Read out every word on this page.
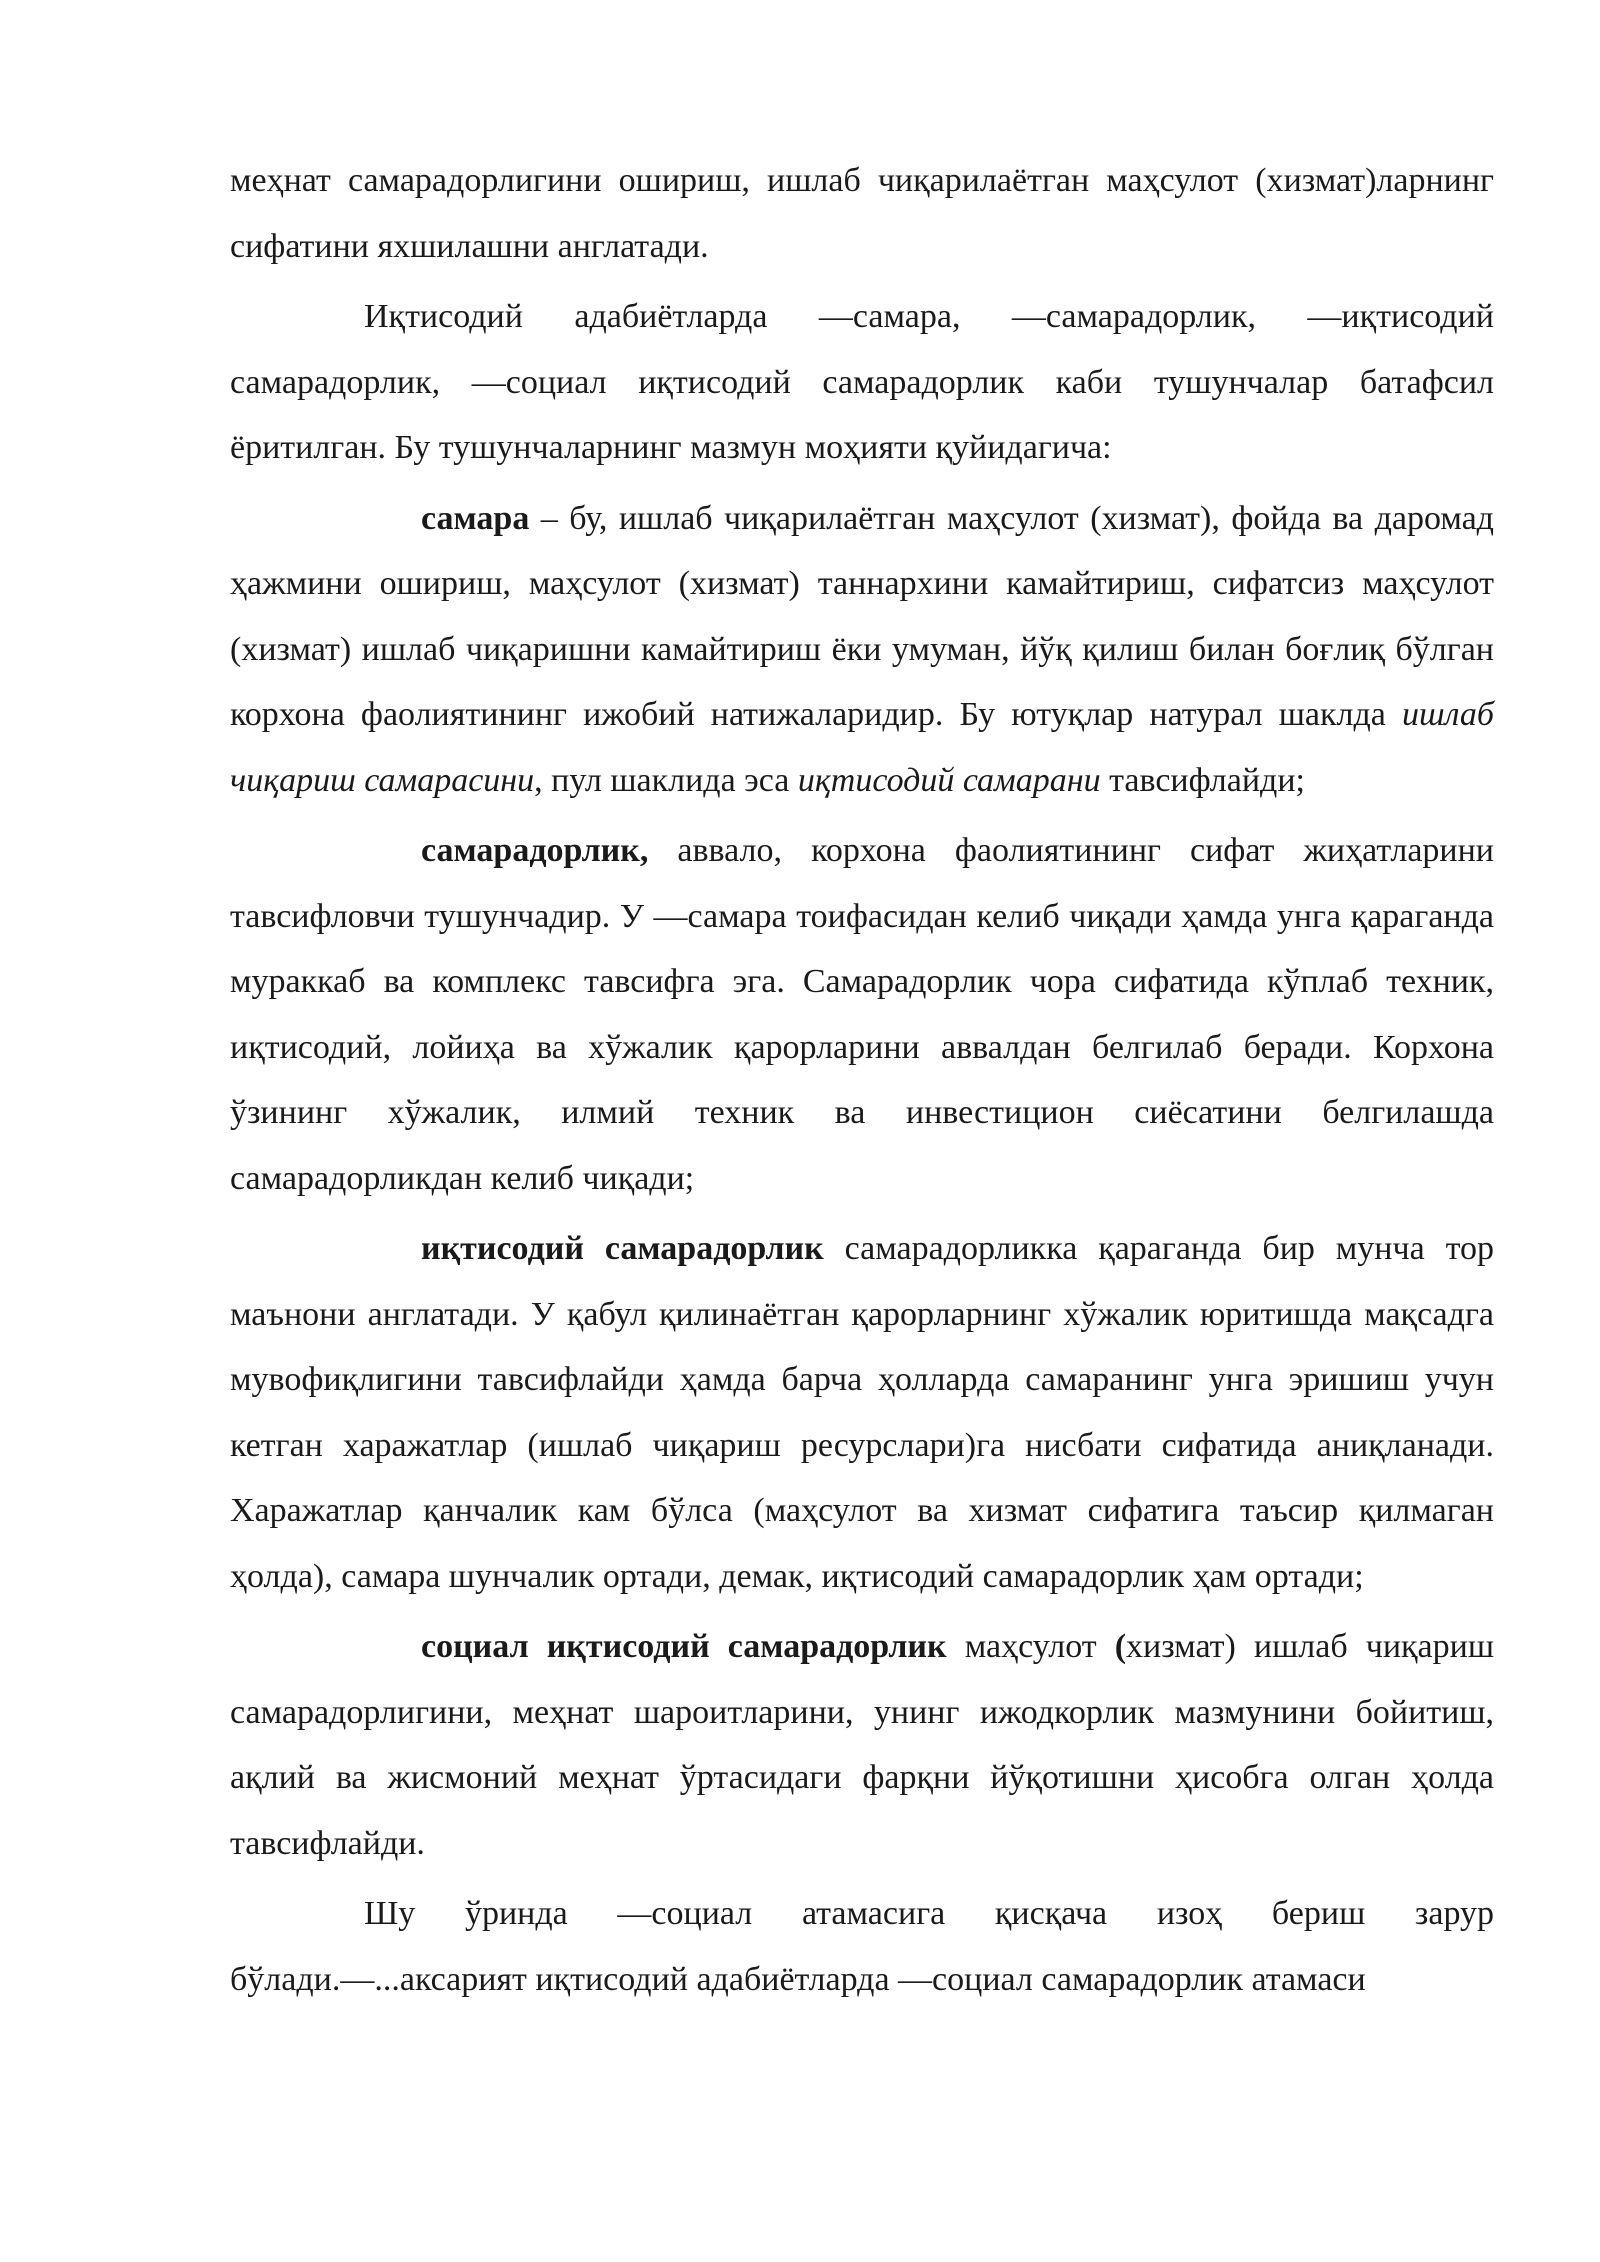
меҳнат самарадорлигини ошириш, ишлаб чиқарилаётган маҳсулот (хизмат)ларнинг сифатини яхшилашни англатади.

Иқтисодий адабиётларда ―самара, ―самарадорлик, ―иқтисодий самарадорлик, ―социал иқтисодий самарадорлик каби тушунчалар батафсил ёритилган. Бу тушунчаларнинг мазмун моҳияти қуйидагича:

самара – бу, ишлаб чиқарилаётган маҳсулот (хизмат), фойда ва даромад ҳажмини ошириш, маҳсулот (хизмат) таннархини камайтириш, сифатсиз маҳсулот (хизмат) ишлаб чиқаришни камайтириш ёки умуман, йўқ қилиш билан боғлиқ бўлган корхона фаолиятининг ижобий натижаларидир. Бу ютуқлар натурал шаклда ишлаб чиқариш самарасини, пул шаклида эса иқтисодий самарани тавсифлайди;

самарадорлик, аввало, корхона фаолиятининг сифат жиҳатларини тавсифловчи тушунчадир. У ―самара тоифасидан келиб чиқади ҳамда унга қараганда мураккаб ва комплекс тавсифга эга. Самарадорлик чора сифатида кўплаб техник, иқтисодий, лойиҳа ва хўжалик қарорларини аввалдан белгилаб беради. Корхона ўзининг хўжалик, илмий техник ва инвестицион сиёсатини белгилашда самарадорликдан келиб чиқади;

иқтисодий самарадорлик самарадорликка қараганда бир мунча тор маънони англатади. У қабул қилинаётган қарорларнинг хўжалик юритишда мақсадга мувофиқлигини тавсифлайди ҳамда барча ҳолларда самаранинг унга эришиш учун кетган харажатлар (ишлаб чиқариш ресурслари)га нисбати сифатида аниқланади. Харажатлар қанчалик кам бўлса (маҳсулот ва хизмат сифатига таъсир қилмаган ҳолда), самара шунчалик ортади, демак, иқтисодий самарадорлик ҳам ортади;

социал иқтисодий самарадорлик маҳсулот (хизмат) ишлаб чиқариш самарадорлигини, меҳнат шароитларини, унинг ижодкорлик мазмунини бойитиш, ақлий ва жисмоний меҳнат ўртасидаги фарқни йўқотишни ҳисобга олган ҳолда тавсифлайди.

Шу ўринда ―социал атамасига қисқача изоҳ бериш зарур бўлади.―...аксарият иқтисодий адабиётларда ―социал самарадорлик атамаси
